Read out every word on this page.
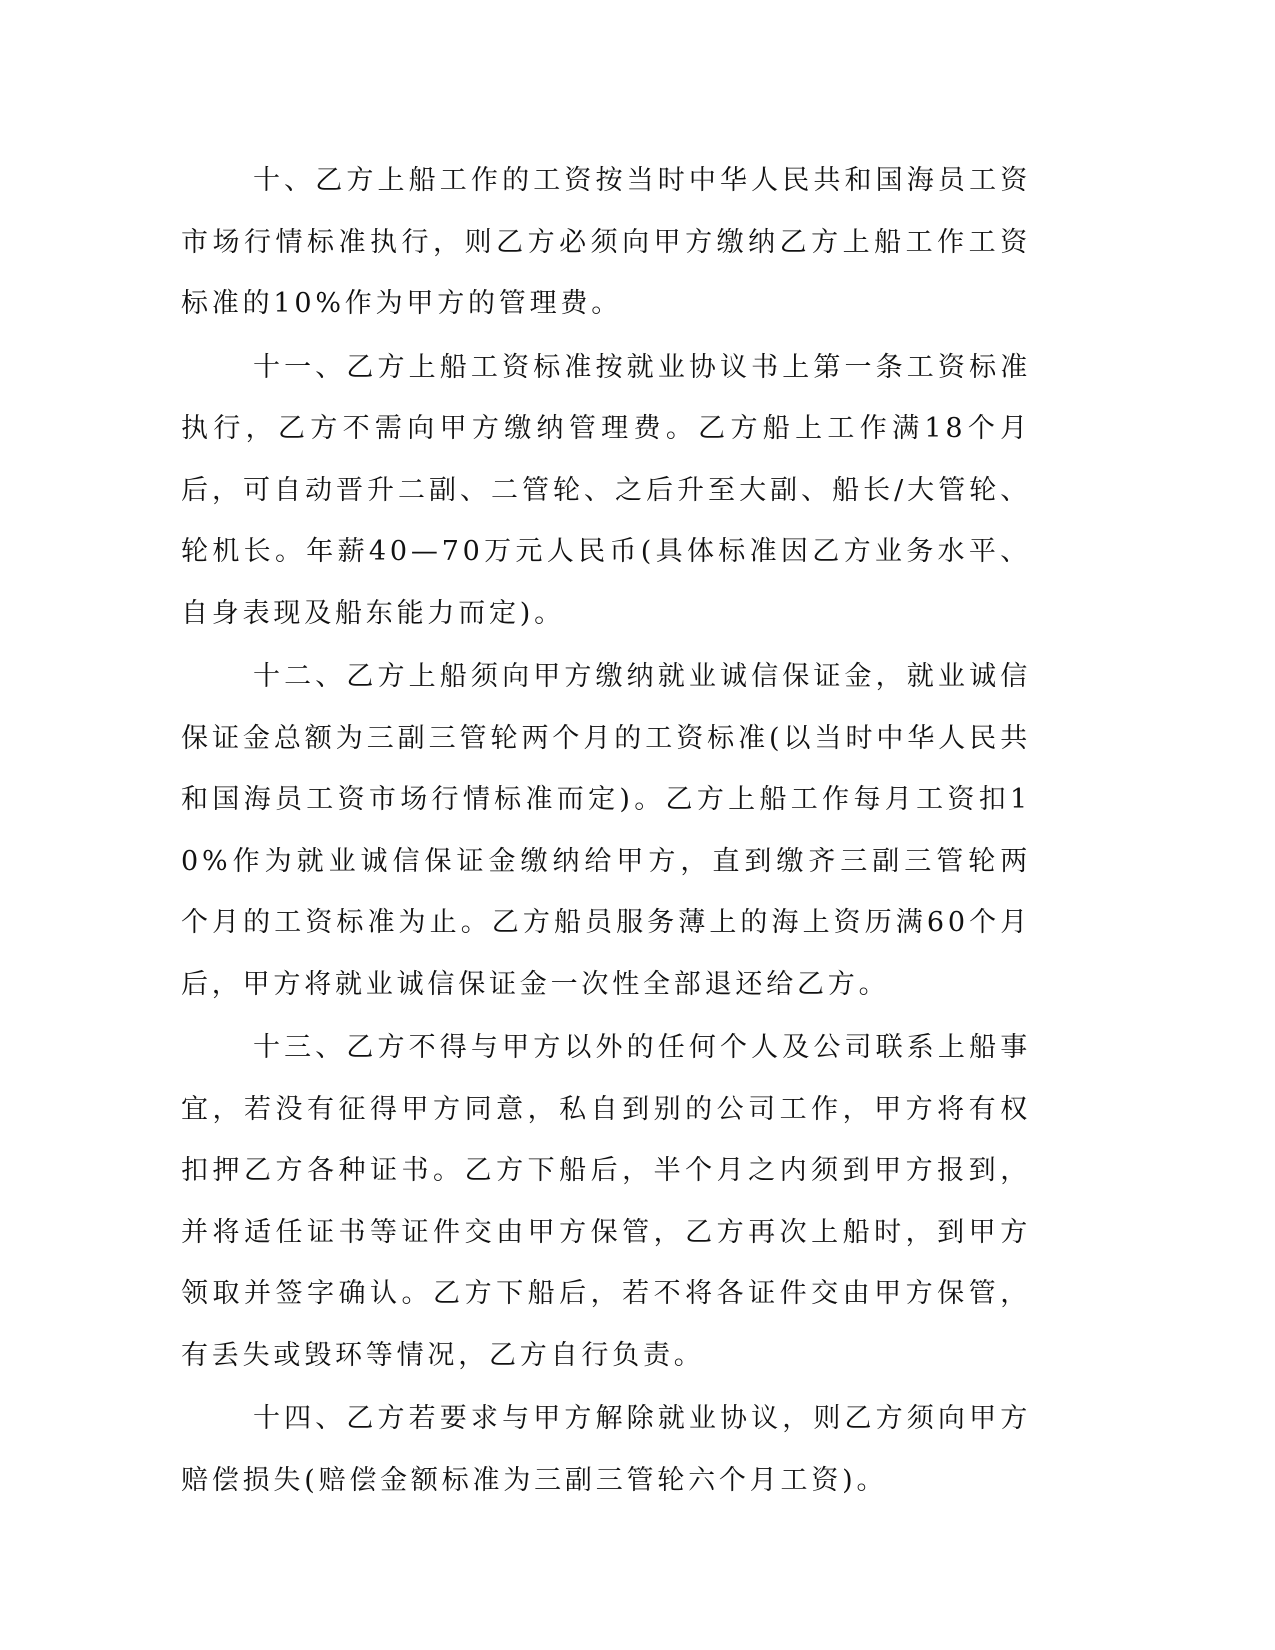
十、乙方上船工作的工资按当时中华人民共和国海员工资市场行情标准执行，则乙方必须向甲方缴纳乙方上船工作工资标准的10%作为甲方的管理费。

十一、乙方上船工资标准按就业协议书上第一条工资标准执行，乙方不需向甲方缴纳管理费。乙方船上工作满18个月后，可自动晋升二副、二管轮、之后升至大副、船长/大管轮、轮机长。年薪40—70万元人民币(具体标准因乙方业务水平、自身表现及船东能力而定)。

十二、乙方上船须向甲方缴纳就业诚信保证金，就业诚信保证金总额为三副三管轮两个月的工资标准(以当时中华人民共和国海员工资市场行情标准而定)。乙方上船工作每月工资扣10%作为就业诚信保证金缴纳给甲方，直到缴齐三副三管轮两个月的工资标准为止。乙方船员服务薄上的海上资历满60个月后，甲方将就业诚信保证金一次性全部退还给乙方。

十三、乙方不得与甲方以外的任何个人及公司联系上船事宜，若没有征得甲方同意，私自到别的公司工作，甲方将有权扣押乙方各种证书。乙方下船后，半个月之内须到甲方报到，并将适任证书等证件交由甲方保管，乙方再次上船时，到甲方领取并签字确认。乙方下船后，若不将各证件交由甲方保管，有丢失或毁环等情况，乙方自行负责。

十四、乙方若要求与甲方解除就业协议，则乙方须向甲方赔偿损失(赔偿金额标准为三副三管轮六个月工资)。
